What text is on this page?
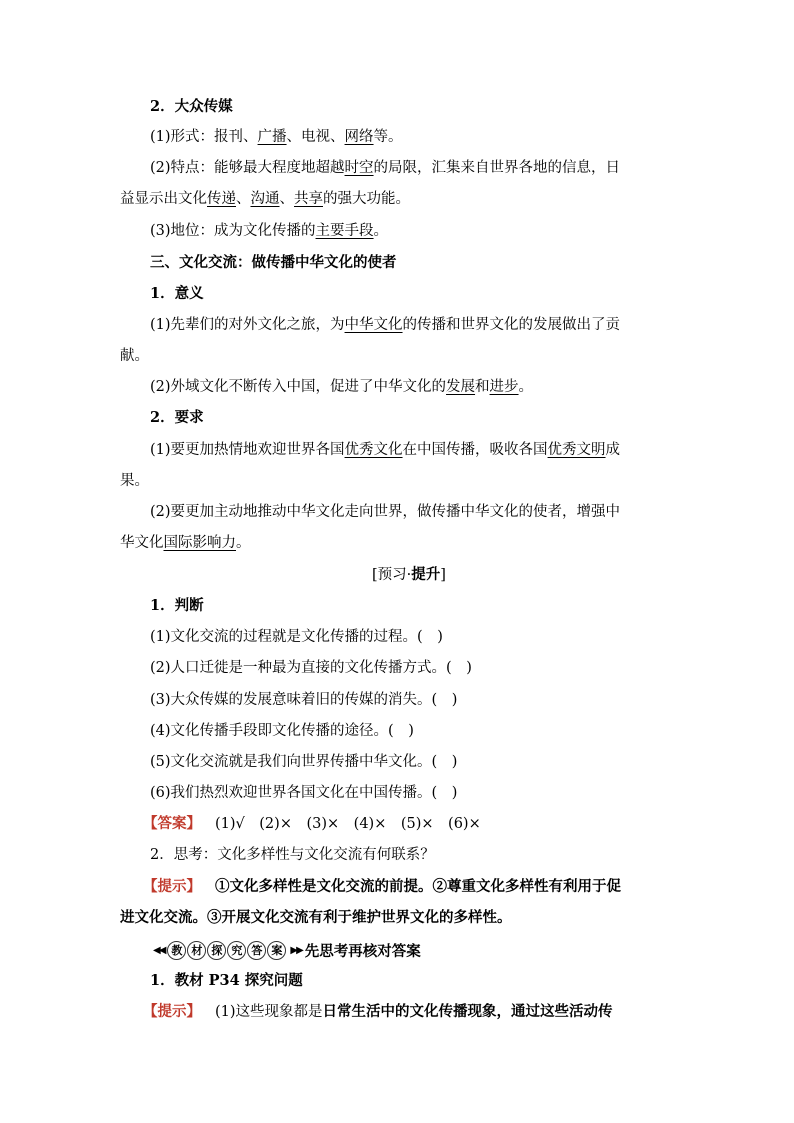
2．大众传媒
(1)形式：报刊、广播、电视、网络等。
(2)特点：能够最大程度地超越时空的局限，汇集来自世界各地的信息，日
益显示出文化传递、沟通、共享的强大功能。
(3)地位：成为文化传播的主要手段。
三、文化交流：做传播中华文化的使者
1．意义
(1)先辈们的对外文化之旅，为中华文化的传播和世界文化的发展做出了贡
献。
(2)外域文化不断传入中国，促进了中华文化的发展和进步。
2．要求
(1)要更加热情地欢迎世界各国优秀文化在中国传播，吸收各国优秀文明成
果。
(2)要更加主动地推动中华文化走向世界，做传播中华文化的使者，增强中
华文化国际影响力。
[预习·提升]
1．判断
(1)文化交流的过程就是文化传播的过程。(　)
(2)人口迁徙是一种最为直接的文化传播方式。(　)
(3)大众传媒的发展意味着旧的传媒的消失。(　)
(4)文化传播手段即文化传播的途径。(　)
(5)文化交流就是我们向世界传播中华文化。(　)
(6)我们热烈欢迎世界各国文化在中国传播。(　)
【答案】 (1)√　(2)×　(3)×　(4)×　(5)×　(6)×
2．思考：文化多样性与文化交流有何联系？
【提示】 ①文化多样性是文化交流的前提。②尊重文化多样性有利用于促
进文化交流。③开展文化交流有利于维护世界文化的多样性。
◀◀ 教 材 探 究 答 案 ▶▶ 先思考再核对答案
1．教材 P34 探究问题
【提示】 (1)这些现象都是日常生活中的文化传播现象，通过这些活动传
